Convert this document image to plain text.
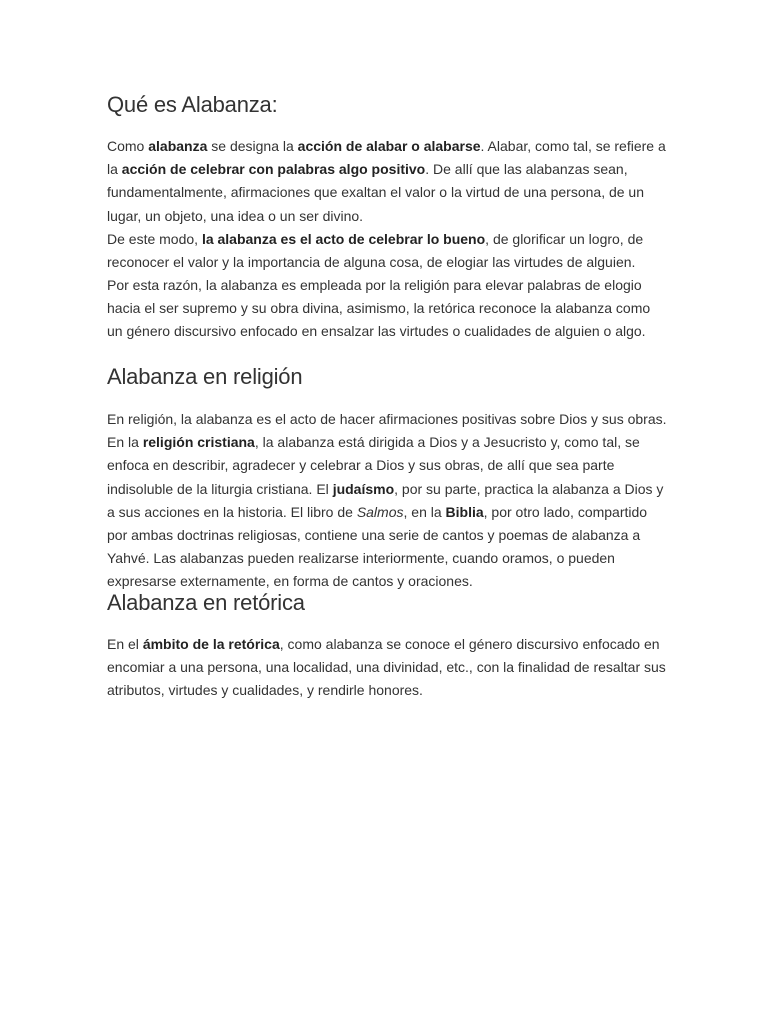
Qué es Alabanza:

Como alabanza se designa la acción de alabar o alabarse. Alabar, como tal, se refiere a la acción de celebrar con palabras algo positivo. De allí que las alabanzas sean, fundamentalmente, afirmaciones que exaltan el valor o la virtud de una persona, de un lugar, un objeto, una idea o un ser divino.

De este modo, la alabanza es el acto de celebrar lo bueno, de glorificar un logro, de reconocer el valor y la importancia de alguna cosa, de elogiar las virtudes de alguien.

Por esta razón, la alabanza es empleada por la religión para elevar palabras de elogio hacia el ser supremo y su obra divina, asimismo, la retórica reconoce la alabanza como un género discursivo enfocado en ensalzar las virtudes o cualidades de alguien o algo.

Alabanza en religión

En religión, la alabanza es el acto de hacer afirmaciones positivas sobre Dios y sus obras. En la religión cristiana, la alabanza está dirigida a Dios y a Jesucristo y, como tal, se enfoca en describir, agradecer y celebrar a Dios y sus obras, de allí que sea parte indisoluble de la liturgia cristiana. El judaísmo, por su parte, practica la alabanza a Dios y a sus acciones en la historia. El libro de Salmos, en la Biblia, por otro lado, compartido por ambas doctrinas religiosas, contiene una serie de cantos y poemas de alabanza a Yahvé. Las alabanzas pueden realizarse interiormente, cuando oramos, o pueden expresarse externamente, en forma de cantos y oraciones.

Alabanza en retórica

En el ámbito de la retórica, como alabanza se conoce el género discursivo enfocado en encomiar a una persona, una localidad, una divinidad, etc., con la finalidad de resaltar sus atributos, virtudes y cualidades, y rendirle honores.
